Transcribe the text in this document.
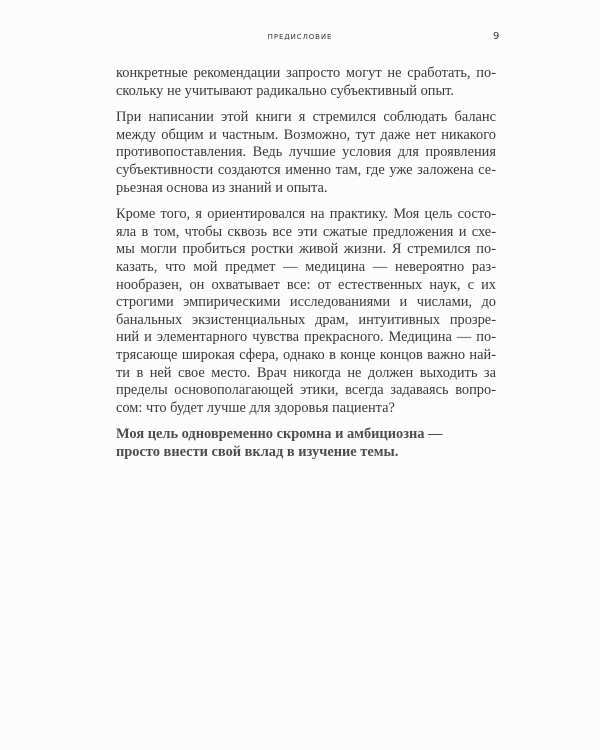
ПРЕДИСЛОВИЕ	9

конкретные рекомендации запросто могут не сработать, по-
скольку не учитывают радикально субъективный опыт.

При написании этой книги я стремился соблюдать баланс
между общим и частным. Возможно, тут даже нет никакого
противопоставления. Ведь лучшие условия для проявления
субъективности создаются именно там, где уже заложена се-
рьезная основа из знаний и опыта.

Кроме того, я ориентировался на практику. Моя цель состо-
яла в том, чтобы сквозь все эти сжатые предложения и схе-
мы могли пробиться ростки живой жизни. Я стремился по-
казать, что мой предмет — медицина — невероятно раз-
нообразен, он охватывает все: от естественных наук, с их
строгими эмпирическими исследованиями и числами, до
банальных экзистенциальных драм, интуитивных прозре-
ний и элементарного чувства прекрасного. Медицина — по-
трясающе широкая сфера, однако в конце концов важно най-
ти в ней свое место. Врач никогда не должен выходить за
пределы основополагающей этики, всегда задаваясь вопро-
сом: что будет лучше для здоровья пациента?

Моя цель одновременно скромна и амбициозна —
просто внести свой вклад в изучение темы.
